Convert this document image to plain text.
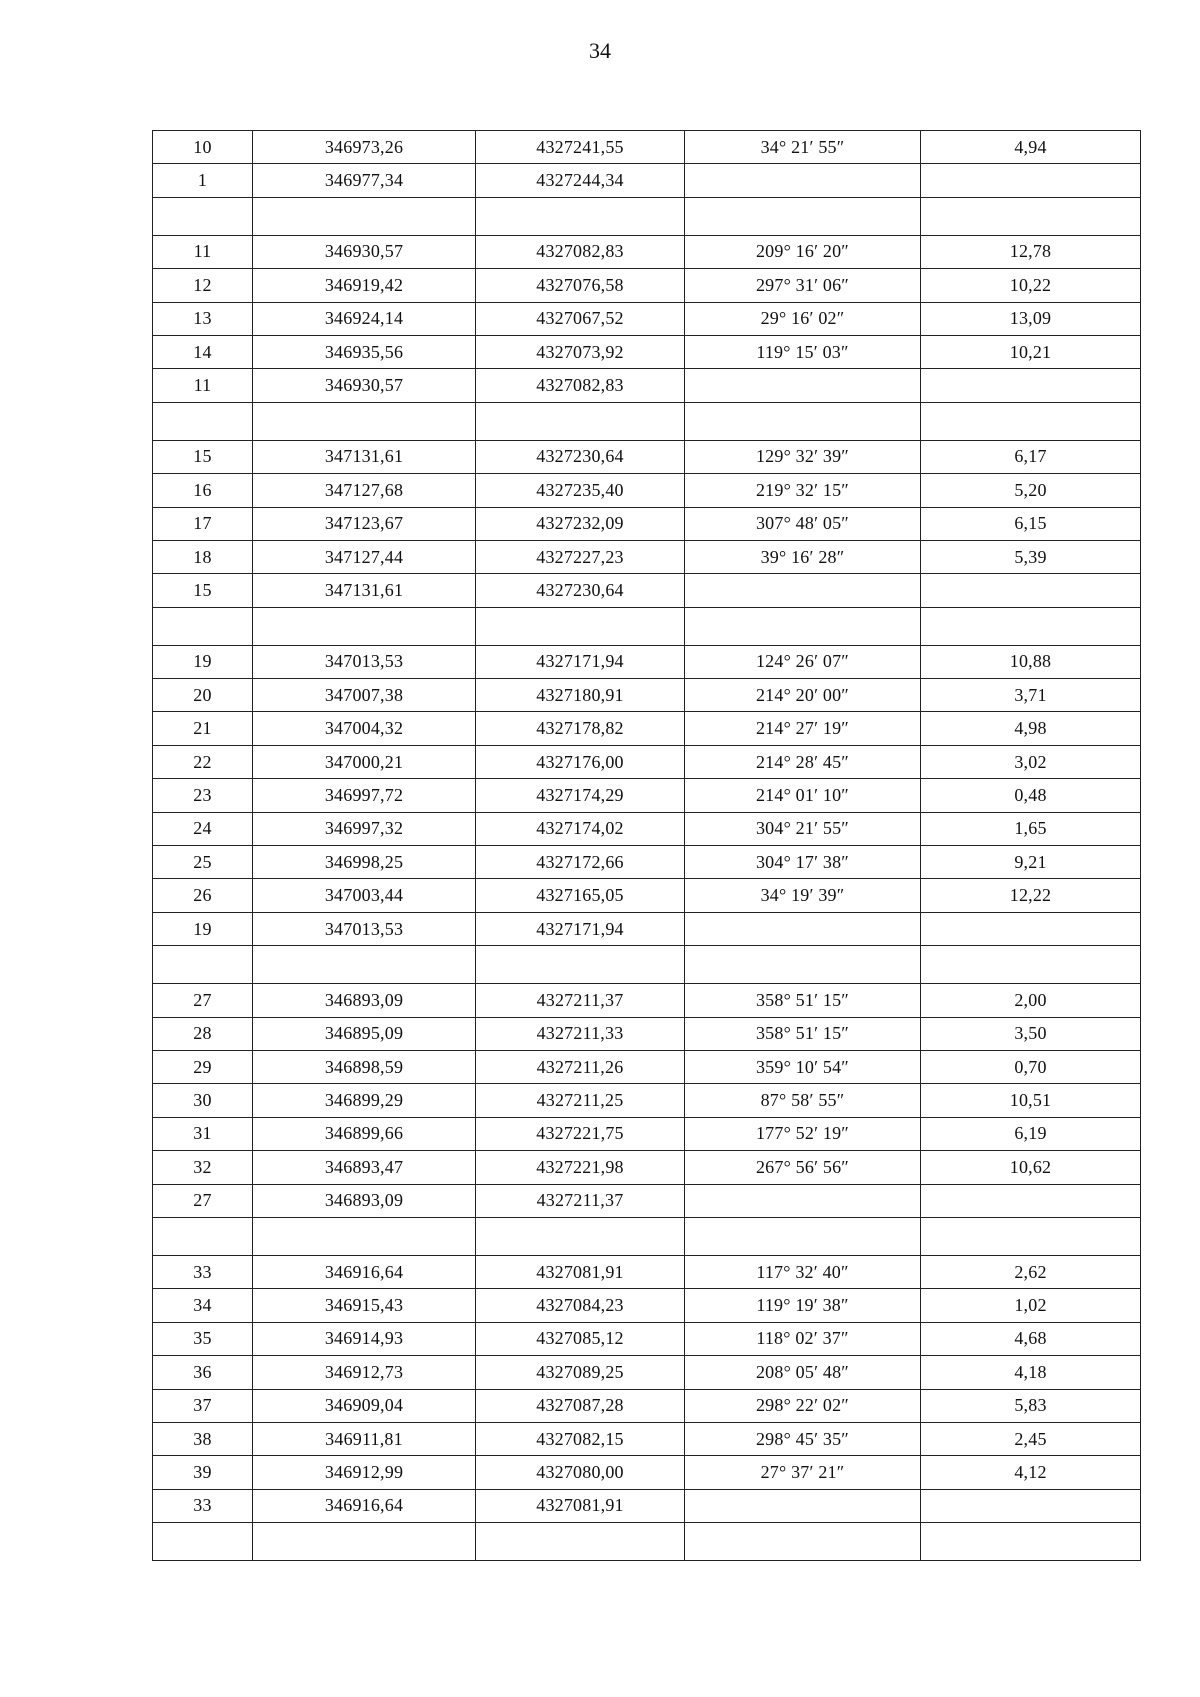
34
10	346973,26	4327241,55	34° 21′ 55″	4,94
1	346977,34	4327244,34		

11	346930,57	4327082,83	209° 16′ 20″	12,78
12	346919,42	4327076,58	297° 31′ 06″	10,22
13	346924,14	4327067,52	29° 16′ 02″	13,09
14	346935,56	4327073,92	119° 15′ 03″	10,21
11	346930,57	4327082,83		

15	347131,61	4327230,64	129° 32′ 39″	6,17
16	347127,68	4327235,40	219° 32′ 15″	5,20
17	347123,67	4327232,09	307° 48′ 05″	6,15
18	347127,44	4327227,23	39° 16′ 28″	5,39
15	347131,61	4327230,64		

19	347013,53	4327171,94	124° 26′ 07″	10,88
20	347007,38	4327180,91	214° 20′ 00″	3,71
21	347004,32	4327178,82	214° 27′ 19″	4,98
22	347000,21	4327176,00	214° 28′ 45″	3,02
23	346997,72	4327174,29	214° 01′ 10″	0,48
24	346997,32	4327174,02	304° 21′ 55″	1,65
25	346998,25	4327172,66	304° 17′ 38″	9,21
26	347003,44	4327165,05	34° 19′ 39″	12,22
19	347013,53	4327171,94		

27	346893,09	4327211,37	358° 51′ 15″	2,00
28	346895,09	4327211,33	358° 51′ 15″	3,50
29	346898,59	4327211,26	359° 10′ 54″	0,70
30	346899,29	4327211,25	87° 58′ 55″	10,51
31	346899,66	4327221,75	177° 52′ 19″	6,19
32	346893,47	4327221,98	267° 56′ 56″	10,62
27	346893,09	4327211,37		

33	346916,64	4327081,91	117° 32′ 40″	2,62
34	346915,43	4327084,23	119° 19′ 38″	1,02
35	346914,93	4327085,12	118° 02′ 37″	4,68
36	346912,73	4327089,25	208° 05′ 48″	4,18
37	346909,04	4327087,28	298° 22′ 02″	5,83
38	346911,81	4327082,15	298° 45′ 35″	2,45
39	346912,99	4327080,00	27° 37′ 21″	4,12
33	346916,64	4327081,91		
